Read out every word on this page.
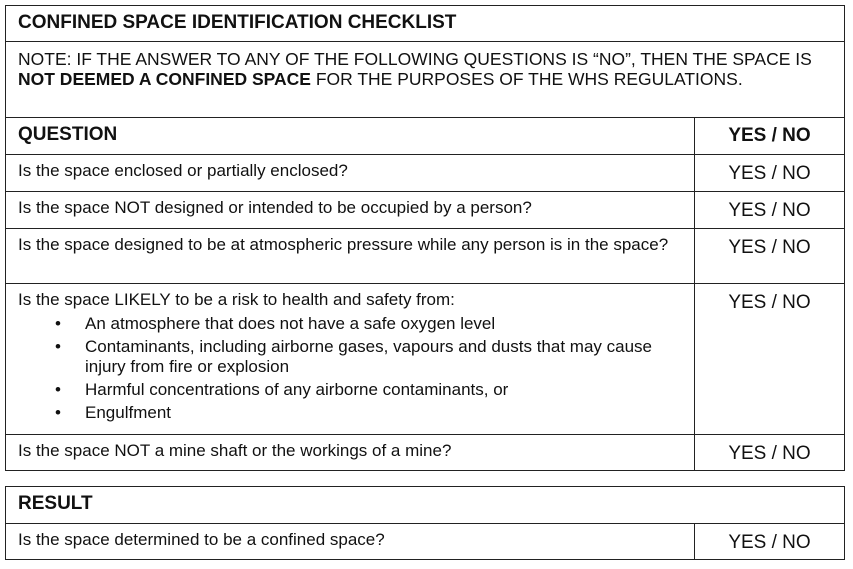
CONFINED SPACE IDENTIFICATION CHECKLIST
NOTE: IF THE ANSWER TO ANY OF THE FOLLOWING QUESTIONS IS “NO”, THEN THE SPACE IS NOT DEEMED A CONFINED SPACE FOR THE PURPOSES OF THE WHS REGULATIONS.
QUESTION	YES / NO
Is the space enclosed or partially enclosed?	YES / NO
Is the space NOT designed or intended to be occupied by a person?	YES / NO
Is the space designed to be at atmospheric pressure while any person is in the space?	YES / NO
Is the space LIKELY to be a risk to health and safety from:
• An atmosphere that does not have a safe oxygen level
• Contaminants, including airborne gases, vapours and dusts that may cause injury from fire or explosion
• Harmful concentrations of any airborne contaminants, or
• Engulfment
YES / NO
Is the space NOT a mine shaft or the workings of a mine?	YES / NO
RESULT
Is the space determined to be a confined space?	YES / NO
